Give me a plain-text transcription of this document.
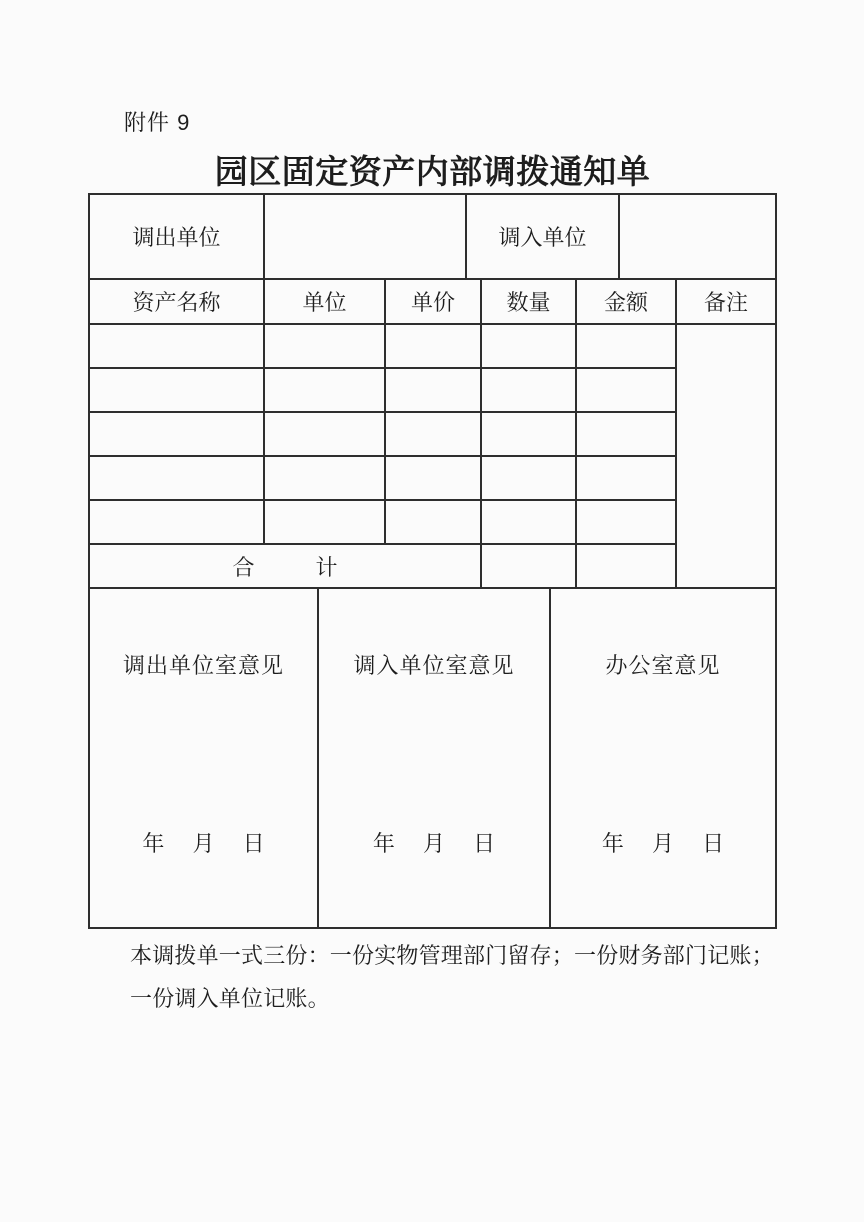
附件 9
园区固定资产内部调拨通知单
调出单位	调入单位
资产名称	单位	单价	数量	金额	备注
合 计
调出单位室意见
年 月 日
调入单位室意见
年 月 日
办公室意见
年 月 日
本调拨单一式三份：一份实物管理部门留存；一份财务部门记账；一份调入单位记账。
